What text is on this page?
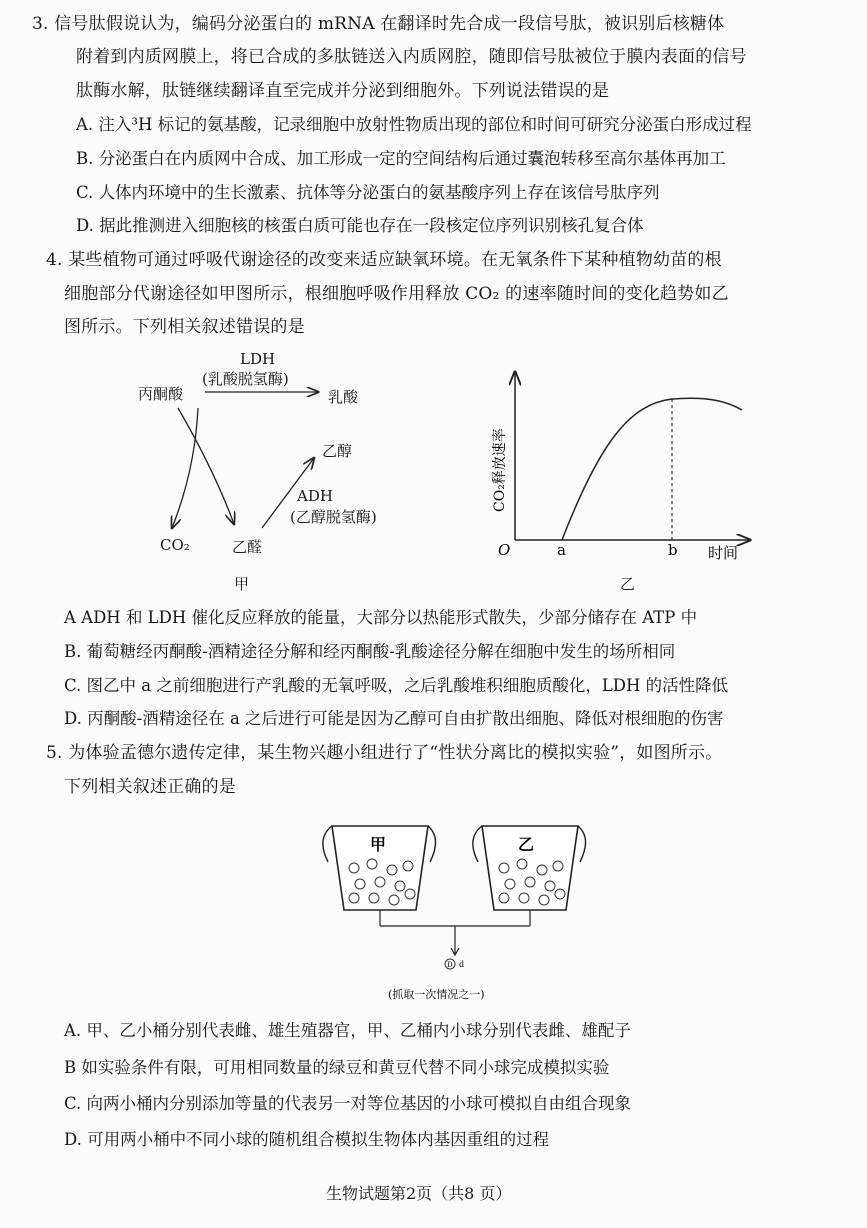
3. 信号肽假说认为，编码分泌蛋白的 mRNA 在翻译时先合成一段信号肽，被识别后核糖体
附着到内质网膜上，将已合成的多肽链送入内质网腔，随即信号肽被位于膜内表面的信号
肽酶水解，肽链继续翻译直至完成并分泌到细胞外。下列说法错误的是
A. 注入³H 标记的氨基酸，记录细胞中放射性物质出现的部位和时间可研究分泌蛋白形成过程
B. 分泌蛋白在内质网中合成、加工形成一定的空间结构后通过囊泡转移至高尔基体再加工
C. 人体内环境中的生长激素、抗体等分泌蛋白的氨基酸序列上存在该信号肽序列
D. 据此推测进入细胞核的核蛋白质可能也存在一段核定位序列识别核孔复合体
4. 某些植物可通过呼吸代谢途径的改变来适应缺氧环境。在无氧条件下某种植物幼苗的根
细胞部分代谢途径如甲图所示，根细胞呼吸作用释放 CO₂ 的速率随时间的变化趋势如乙
图所示。下列相关叙述错误的是
丙酮酸
LDH
(乳酸脱氢酶)
乳酸
乙醇
ADH
(乙醇脱氢酶)
CO₂	乙醛
甲
O	a	b 时间
CO₂释放速率
乙
A ADH 和 LDH 催化反应释放的能量，大部分以热能形式散失，少部分储存在 ATP 中
B. 葡萄糖经丙酮酸-酒精途径分解和经丙酮酸-乳酸途径分解在细胞中发生的场所相同
C. 图乙中 a 之前细胞进行产乳酸的无氧呼吸，之后乳酸堆积细胞质酸化，LDH 的活性降低
D. 丙酮酸-酒精途径在 a 之后进行可能是因为乙醇可自由扩散出细胞、降低对根细胞的伤害
5. 为体验孟德尔遗传定律，某生物兴趣小组进行了“性状分离比的模拟实验”，如图所示。
下列相关叙述正确的是
甲	乙
D d
(抓取一次情况之一)
A. 甲、乙小桶分别代表雌、雄生殖器官，甲、乙桶内小球分别代表雌、雄配子
B 如实验条件有限，可用相同数量的绿豆和黄豆代替不同小球完成模拟实验
C. 向两小桶内分别添加等量的代表另一对等位基因的小球可模拟自由组合现象
D. 可用两小桶中不同小球的随机组合模拟生物体内基因重组的过程
生物试题第2页（共8 页）
